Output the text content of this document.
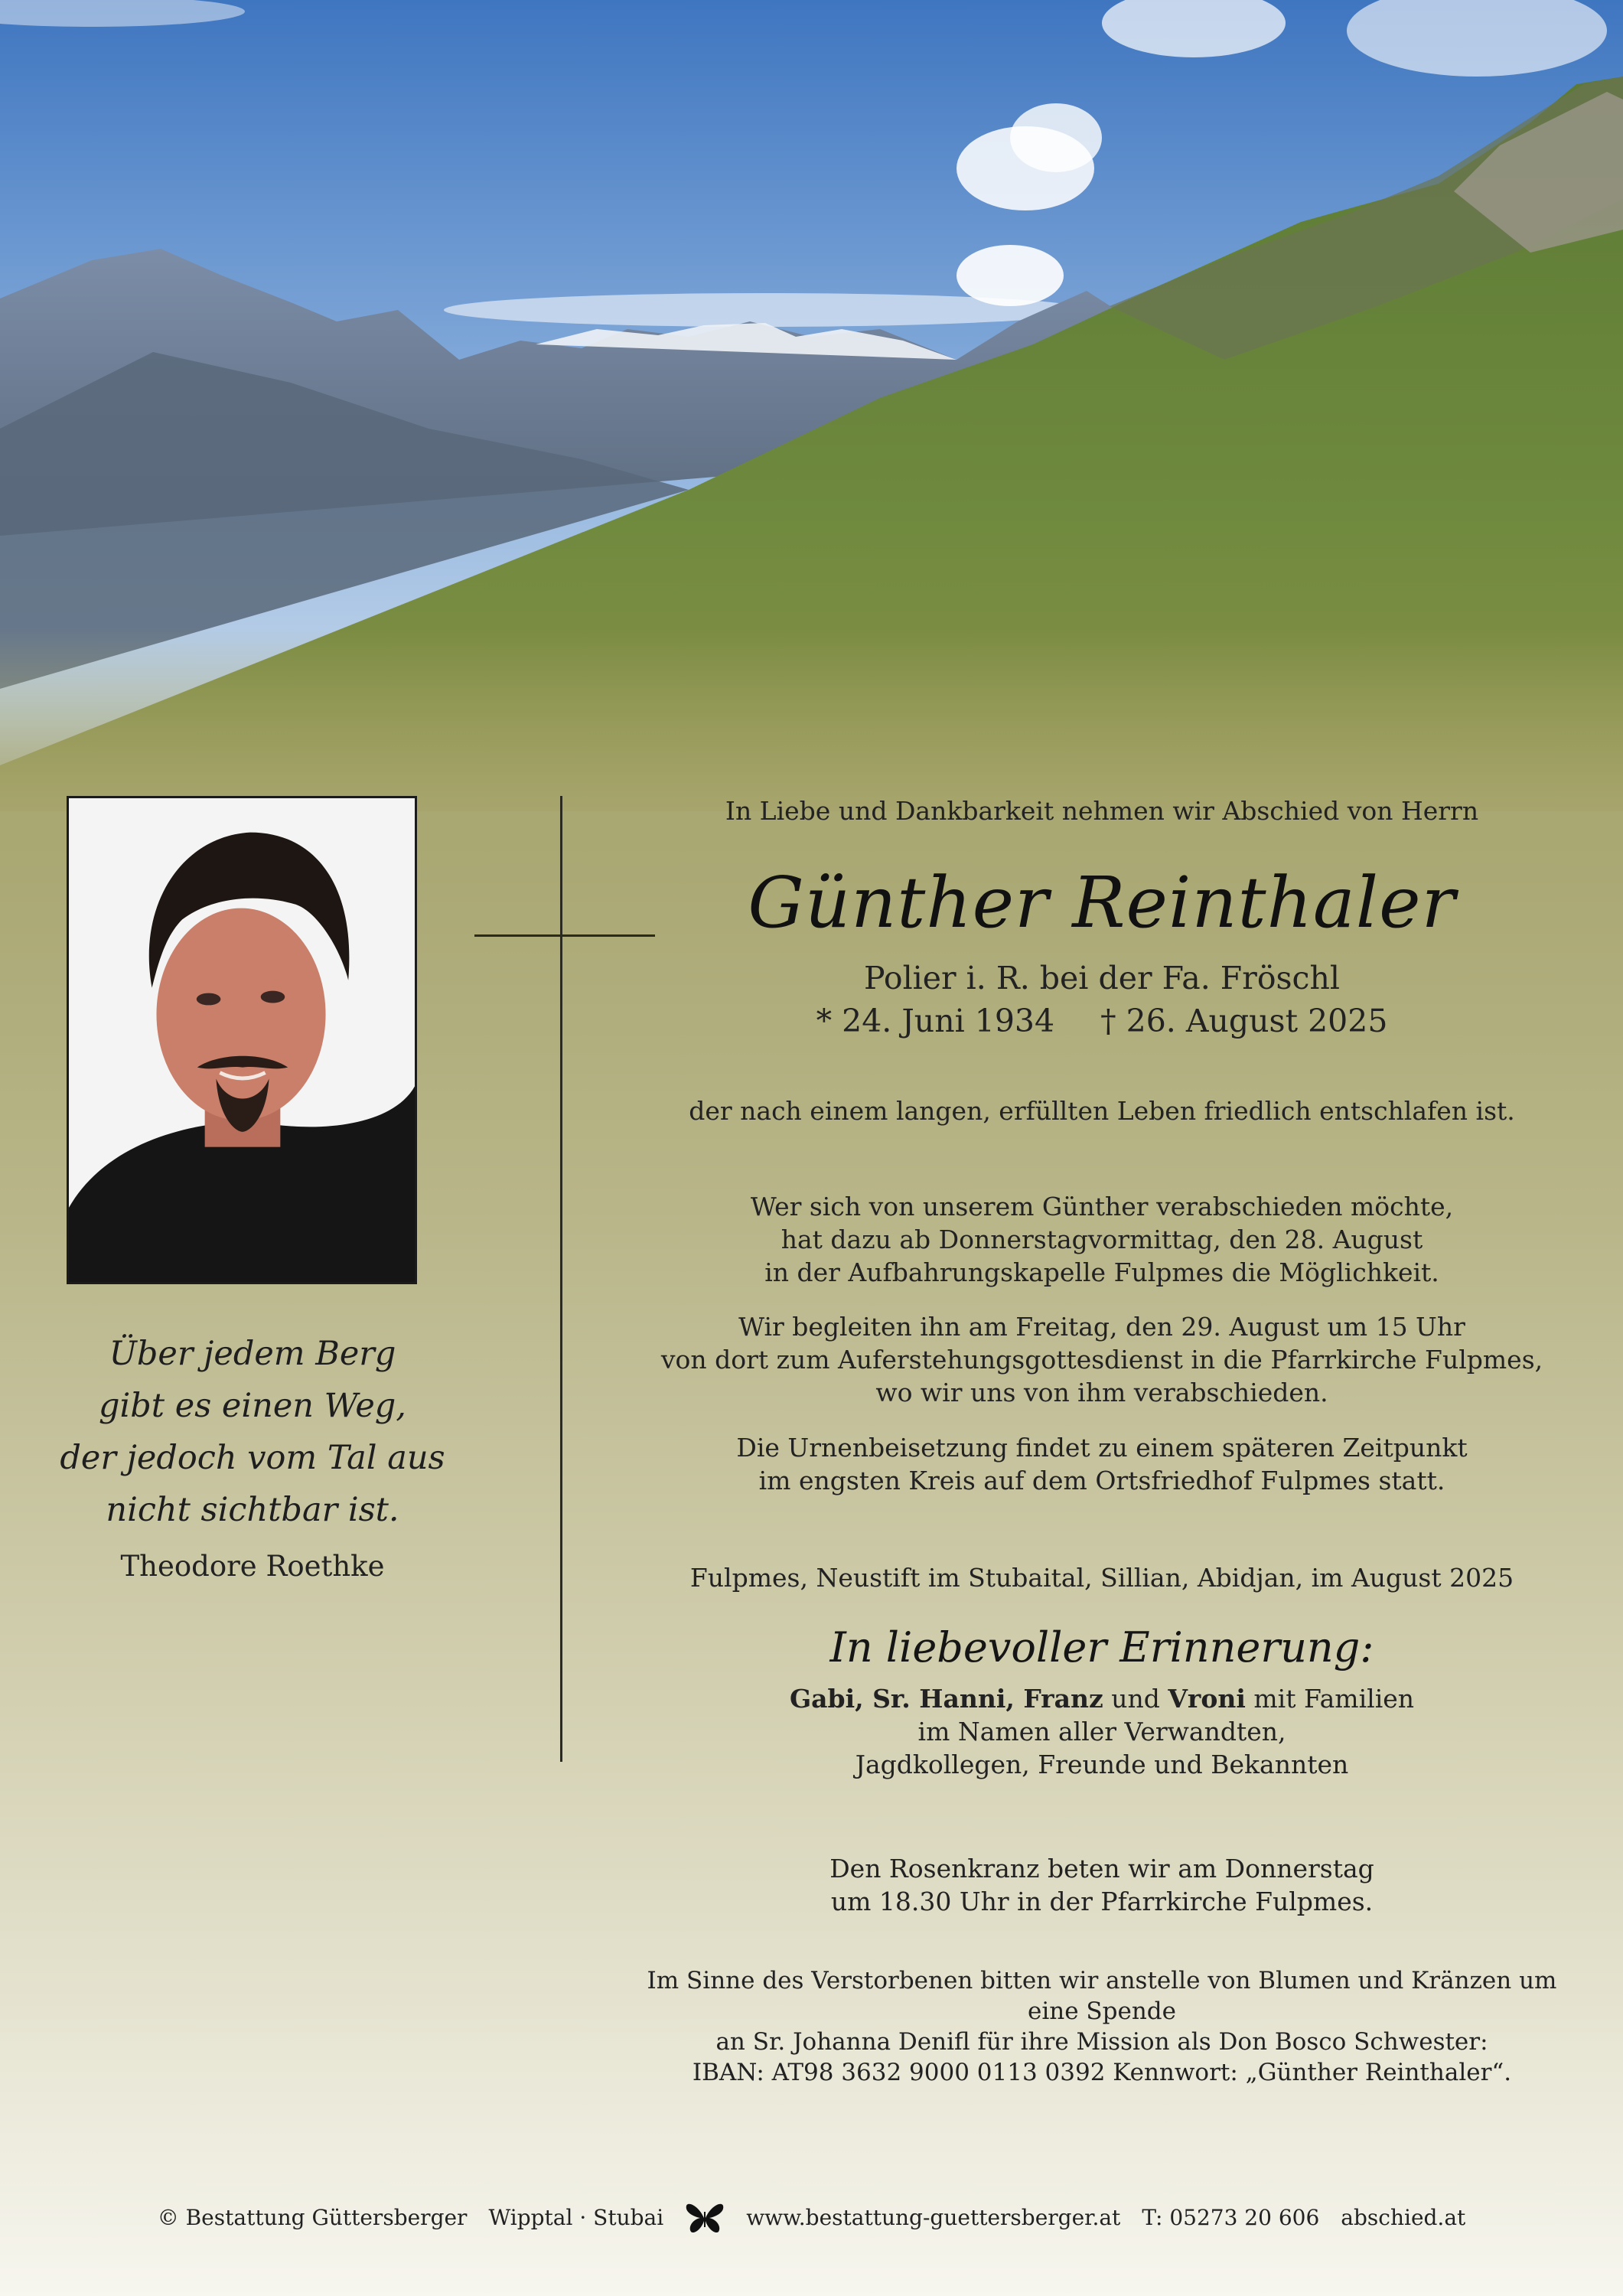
Über jedem Berg
gibt es einen Weg,
der jedoch vom Tal aus
nicht sichtbar ist.
Theodore Roethke
In Liebe und Dankbarkeit nehmen wir Abschied von Herrn
Günther Reinthaler
Polier i. R. bei der Fa. Fröschl
* 24. Juni 1934 † 26. August 2025
der nach einem langen, erfüllten Leben friedlich entschlafen ist.
Wer sich von unserem Günther verabschieden möchte,
hat dazu ab Donnerstagvormittag, den 28. August
in der Aufbahrungskapelle Fulpmes die Möglichkeit.
Wir begleiten ihn am Freitag, den 29. August um 15 Uhr
von dort zum Auferstehungsgottesdienst in die Pfarrkirche Fulpmes,
wo wir uns von ihm verabschieden.
Die Urnenbeisetzung findet zu einem späteren Zeitpunkt
im engsten Kreis auf dem Ortsfriedhof Fulpmes statt.
Fulpmes, Neustift im Stubaital, Sillian, Abidjan, im August 2025
In liebevoller Erinnerung:
Gabi, Sr. Hanni, Franz und Vroni mit Familien
im Namen aller Verwandten,
Jagdkollegen, Freunde und Bekannten
Den Rosenkranz beten wir am Donnerstag
um 18.30 Uhr in der Pfarrkirche Fulpmes.
Im Sinne des Verstorbenen bitten wir anstelle von Blumen und Kränzen um eine Spende
an Sr. Johanna Denifl für ihre Mission als Don Bosco Schwester:
IBAN: AT98 3632 9000 0113 0392 Kennwort: „Günther Reinthaler“.
© Bestattung Güttersberger Wipptal · Stubai	www.bestattung-guettersberger.at T: 05273 20 606 abschied.at
